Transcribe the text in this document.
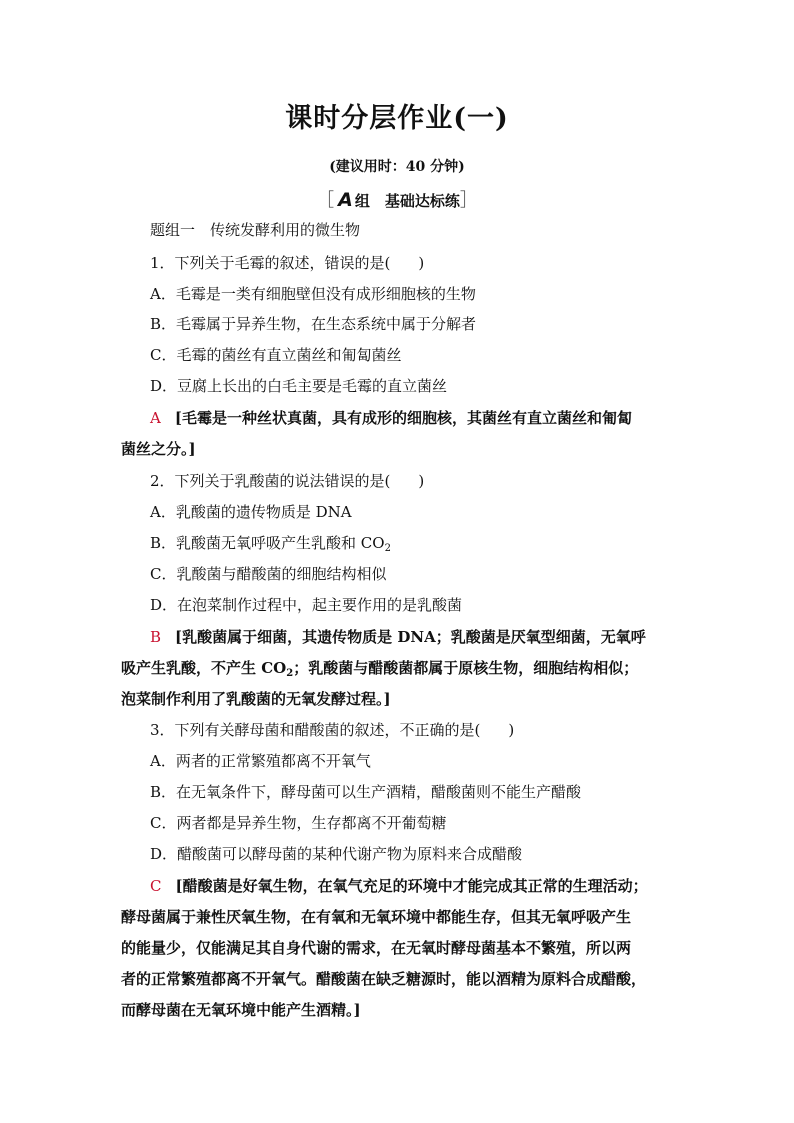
课时分层作业(一)
(建议用时：40 分钟)
［ A 组　基础达标练］
题组一　传统发酵利用的微生物
1．下列关于毛霉的叙述，错误的是( )
A．毛霉是一类有细胞壁但没有成形细胞核的生物
B．毛霉属于异养生物，在生态系统中属于分解者
C．毛霉的菌丝有直立菌丝和匍匐菌丝
D．豆腐上长出的白毛主要是毛霉的直立菌丝
A [毛霉是一种丝状真菌，具有成形的细胞核，其菌丝有直立菌丝和匍匐
菌丝之分。]
2．下列关于乳酸菌的说法错误的是( )
A．乳酸菌的遗传物质是 DNA
B．乳酸菌无氧呼吸产生乳酸和 $CO_2$
C．乳酸菌与醋酸菌的细胞结构相似
D．在泡菜制作过程中，起主要作用的是乳酸菌
B [乳酸菌属于细菌，其遗传物质是 DNA；乳酸菌是厌氧型细菌，无氧呼
吸产生乳酸，不产生 $CO_2$；乳酸菌与醋酸菌都属于原核生物，细胞结构相似；
泡菜制作利用了乳酸菌的无氧发酵过程。]
3．下列有关酵母菌和醋酸菌的叙述，不正确的是( )
A．两者的正常繁殖都离不开氧气
B．在无氧条件下，酵母菌可以生产酒精，醋酸菌则不能生产醋酸
C．两者都是异养生物，生存都离不开葡萄糖
D．醋酸菌可以酵母菌的某种代谢产物为原料来合成醋酸
C [醋酸菌是好氧生物，在氧气充足的环境中才能完成其正常的生理活动；
酵母菌属于兼性厌氧生物，在有氧和无氧环境中都能生存，但其无氧呼吸产生
的能量少，仅能满足其自身代谢的需求，在无氧时酵母菌基本不繁殖，所以两
者的正常繁殖都离不开氧气。醋酸菌在缺乏糖源时，能以酒精为原料合成醋酸，
而酵母菌在无氧环境中能产生酒精。]
